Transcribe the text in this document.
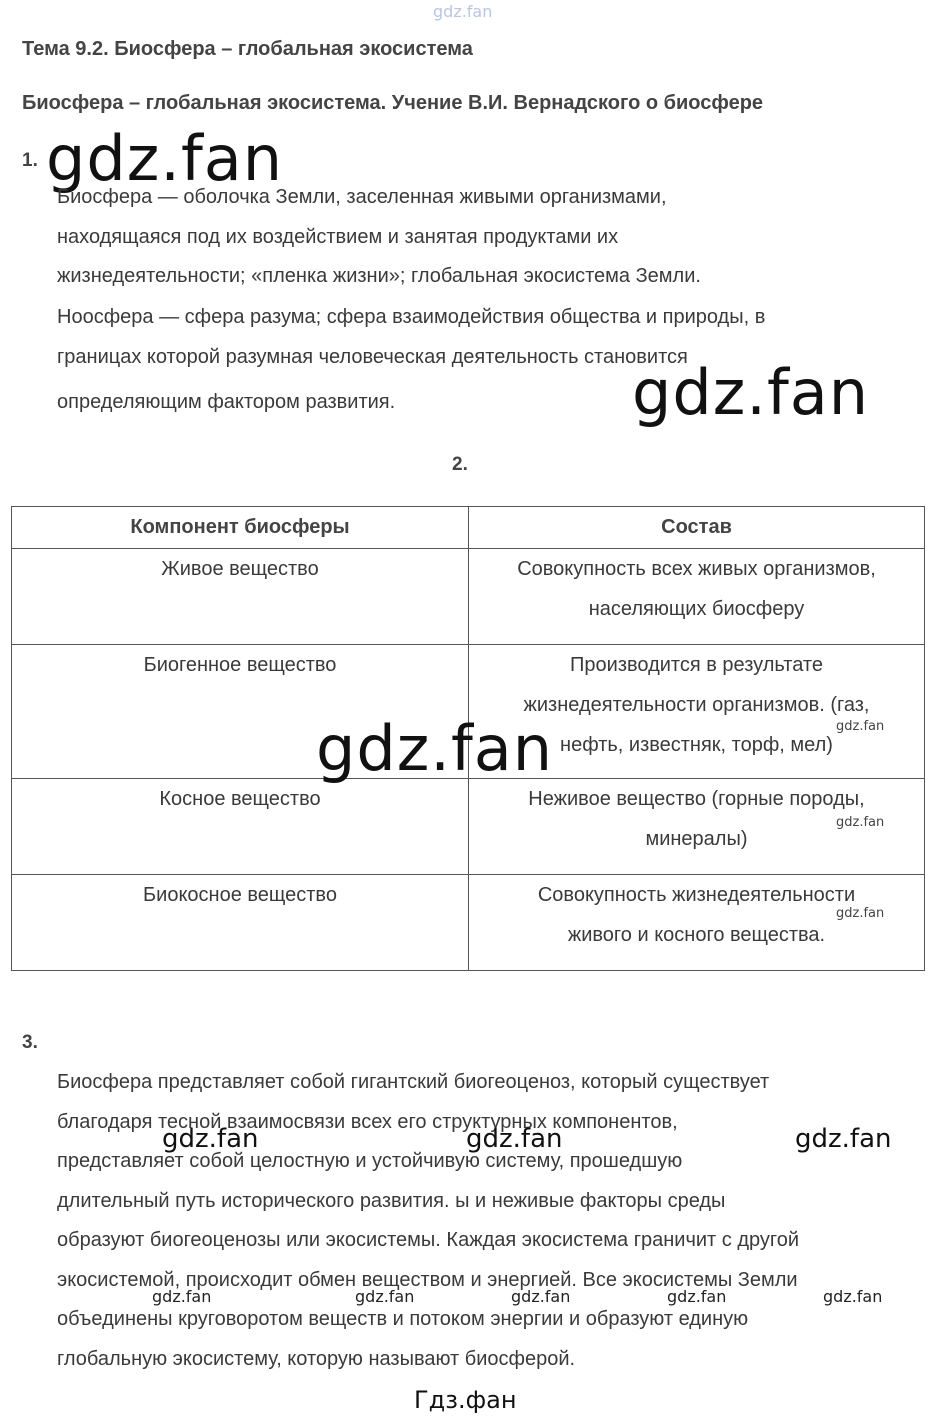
gdz.fan
Тема 9.2. Биосфера – глобальная экосистема
Биосфера – глобальная экосистема. Учение В.И. Вернадского о биосфере
1. gdz.fan
Биосфера — оболочка Земли, заселенная живыми организмами,
находящаяся под их воздействием и занятая продуктами их
жизнедеятельности; «пленка жизни»; глобальная экосистема Земли.
Ноосфера — сфера разума; сфера взаимодействия общества и природы, в
границах которой разумная человеческая деятельность становится
определяющим фактором развития.	gdz.fan
2.
Компонент биосферы	Состав
Живое вещество	Совокупность всех живых организмов,
населяющих биосферу

Биогенное вещество	Производится в результате
жизнедеятельности организмов. (газ,
нефть, известняк, торф, мел)

Косное вещество	Неживое вещество (горные породы,
минералы)

Биокосное вещество	Совокупность жизнедеятельности
живого и косного вещества.
gdz.fan	gdz.fan
gdz.fan
gdz.fan
3.
Биосфера представляет собой гигантский биогеоценоз, который существует
благодаря тесной взаимосвязи всех его структурных компонентов,
представляет собой целостную и устойчивую систему, прошедшую
длительный путь исторического развития. ы и неживые факторы среды
образуют биогеоценозы или экосистемы. Каждая экосистема граничит с другой
экосистемой, происходит обмен веществом и энергией. Все экосистемы Земли
объединены круговоротом веществ и потоком энергии и образуют единую
глобальную экосистему, которую называют биосферой.
gdz.fan	gdz.fan	gdz.fan
gdz.fan	gdz.fan	gdz.fan	gdz.fan	gdz.fan
Гдз.фан
